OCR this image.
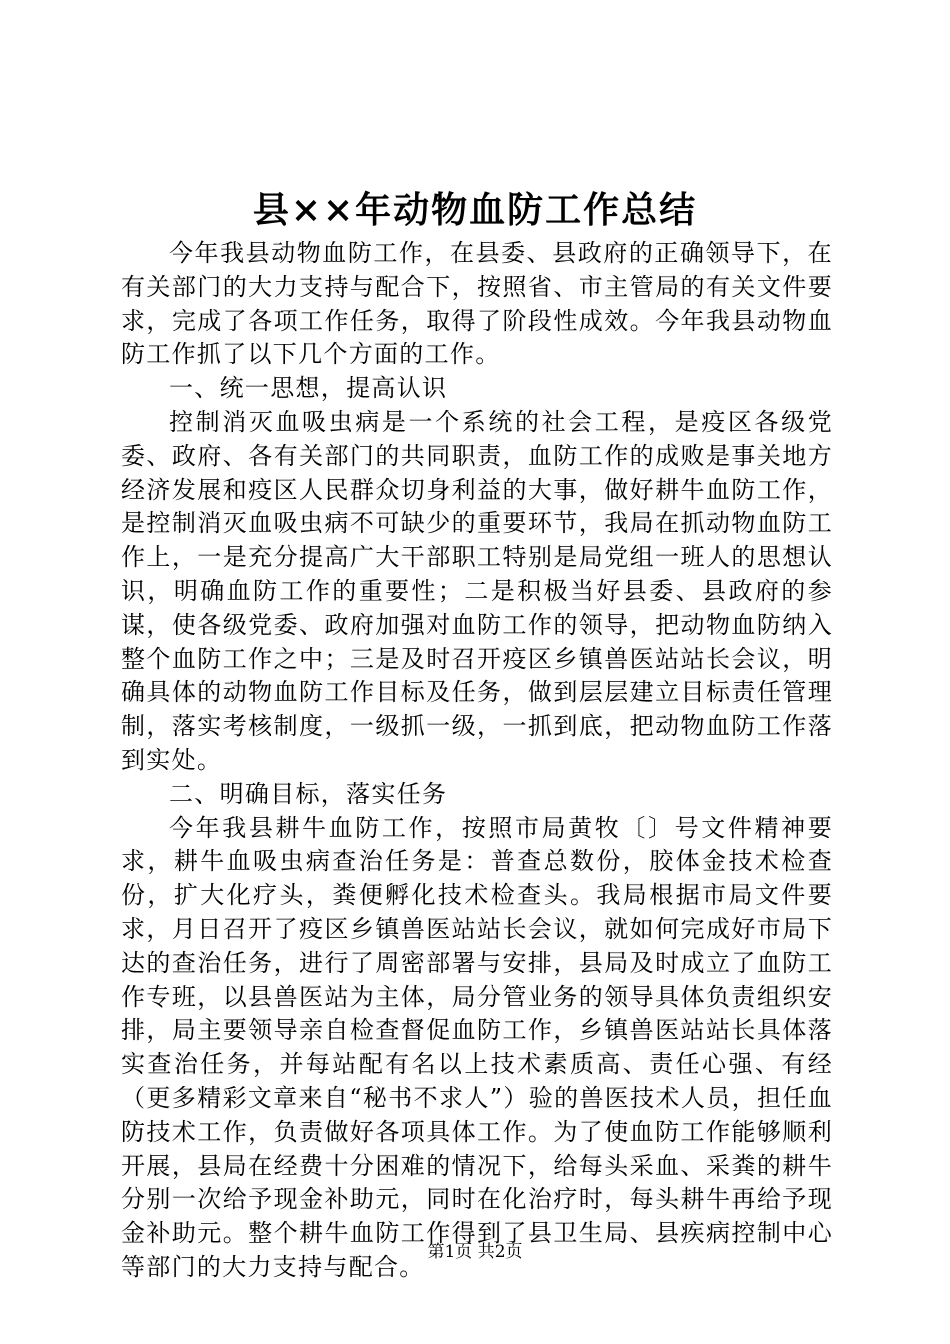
县××年动物血防工作总结

今年我县动物血防工作，在县委、县政府的正确领导下，在有关部门的大力支持与配合下，按照省、市主管局的有关文件要求，完成了各项工作任务，取得了阶段性成效。今年我县动物血防工作抓了以下几个方面的工作。

一、统一思想，提高认识

控制消灭血吸虫病是一个系统的社会工程，是疫区各级党委、政府、各有关部门的共同职责，血防工作的成败是事关地方经济发展和疫区人民群众切身利益的大事，做好耕牛血防工作，是控制消灭血吸虫病不可缺少的重要环节，我局在抓动物血防工作上，一是充分提高广大干部职工特别是局党组一班人的思想认识，明确血防工作的重要性；二是积极当好县委、县政府的参谋，使各级党委、政府加强对血防工作的领导，把动物血防纳入整个血防工作之中；三是及时召开疫区乡镇兽医站站长会议，明确具体的动物血防工作目标及任务，做到层层建立目标责任管理制，落实考核制度，一级抓一级，一抓到底，把动物血防工作落到实处。

二、明确目标，落实任务

今年我县耕牛血防工作，按照市局黄牧〔〕号文件精神要求，耕牛血吸虫病查治任务是：普查总数份，胶体金技术检查份，扩大化疗头，粪便孵化技术检查头。我局根据市局文件要求，月日召开了疫区乡镇兽医站站长会议，就如何完成好市局下达的查治任务，进行了周密部署与安排，县局及时成立了血防工作专班，以县兽医站为主体，局分管业务的领导具体负责组织安排，局主要领导亲自检查督促血防工作，乡镇兽医站站长具体落实查治任务，并每站配有名以上技术素质高、责任心强、有经（更多精彩文章来自“秘书不求人”）验的兽医技术人员，担任血防技术工作，负责做好各项具体工作。为了使血防工作能够顺利开展，县局在经费十分困难的情况下，给每头采血、采粪的耕牛分别一次给予现金补助元，同时在化治疗时，每头耕牛再给予现金补助元。整个耕牛血防工作得到了县卫生局、县疾病控制中心等部门的大力支持与配合。

第1页 共2页
